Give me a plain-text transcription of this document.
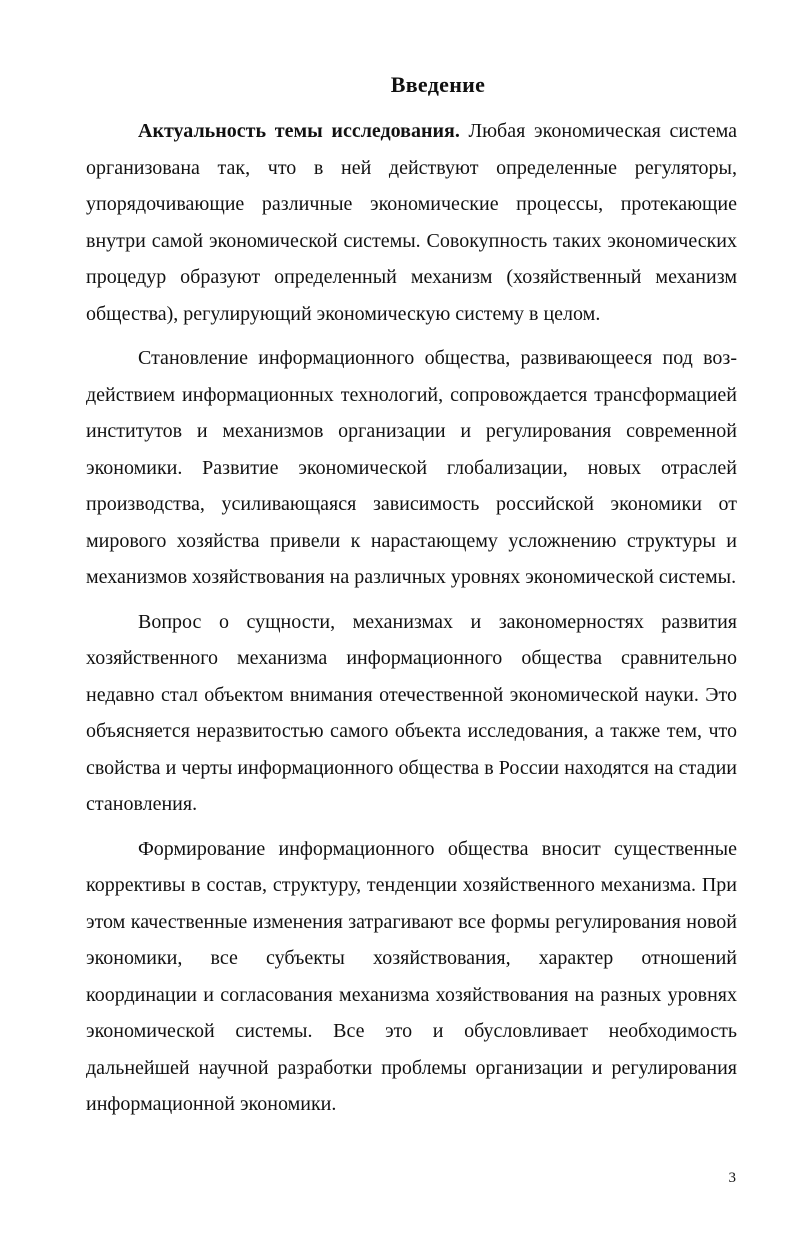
Введение

Актуальность темы исследования. Любая экономическая система организована так, что в ней действуют определенные регуляторы, упорядочивающие различные экономические процессы, протекающие внутри самой экономической системы. Совокупность таких экономических процедур образуют определенный механизм (хозяйственный механизм общества), регулирующий экономическую систему в целом.

Становление информационного общества, развивающееся под воздействием информационных технологий, сопровождается трансформацией институтов и механизмов организации и регулирования современной экономики. Развитие экономической глобализации, новых отраслей производства, усиливающаяся зависимость российской экономики от мирового хозяйства привели к нарастающему усложнению структуры и механизмов хозяйствования на различных уровнях экономической системы.

Вопрос о сущности, механизмах и закономерностях развития хозяйственного механизма информационного общества сравнительно недавно стал объектом внимания отечественной экономической науки. Это объясняется неразвитостью самого объекта исследования, а также тем, что свойства и черты информационного общества в России находятся на стадии становления.

Формирование информационного общества вносит существенные коррективы в состав, структуру, тенденции хозяйственного механизма. При этом качественные изменения затрагивают все формы регулирования новой экономики, все субъекты хозяйствования, характер отношений координации и согласования механизма хозяйствования на разных уровнях экономической системы. Все это и обусловливает необходимость дальнейшей научной разработки проблемы организации и регулирования информационной экономики.

3
